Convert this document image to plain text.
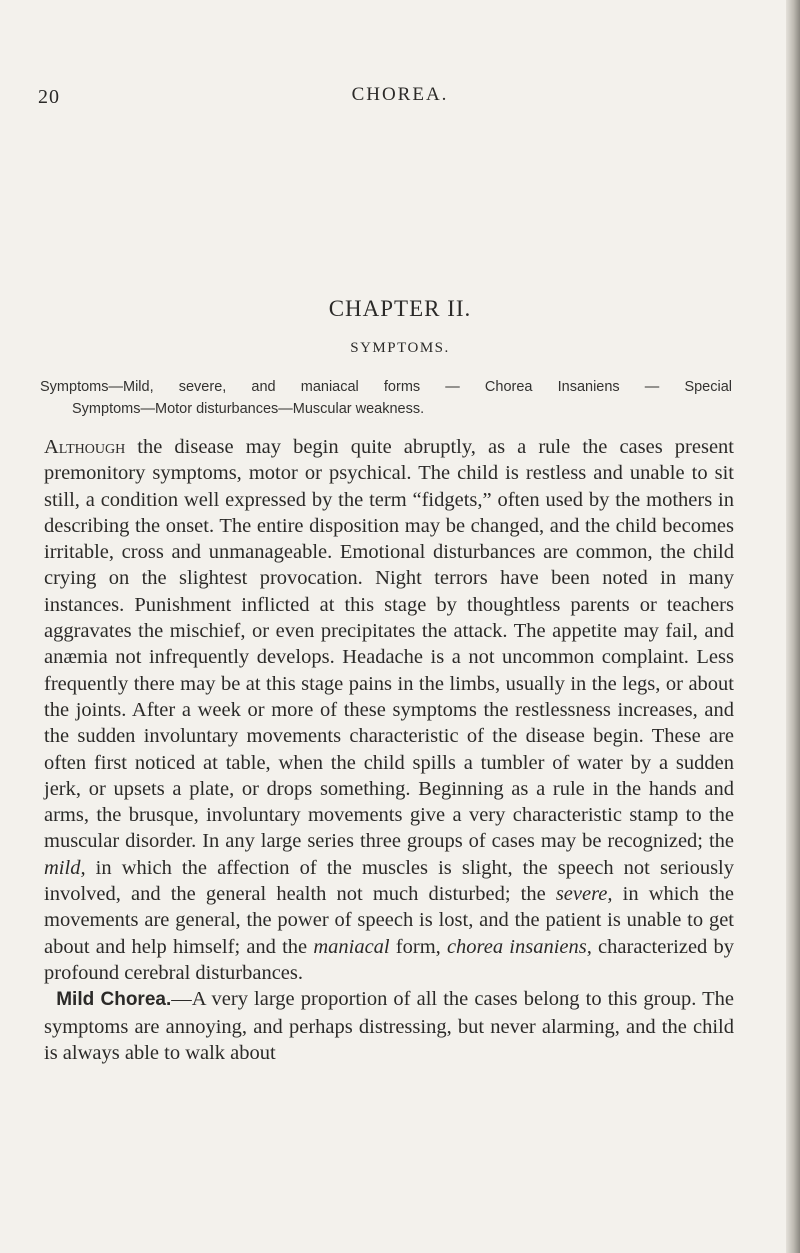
20	CHOREA.
CHAPTER II.
SYMPTOMS.
Symptoms—Mild, severe, and maniacal forms — Chorea Insaniens — Special
Symptoms—Motor disturbances—Muscular weakness.

Although the disease may begin quite abruptly, as a rule the cases present premonitory symptoms, motor or psychical. The child is restless and unable to sit still, a condition well expressed by the term “fidgets,” often used by the mothers in describing the onset. The entire disposition may be changed, and the child becomes irritable, cross and unmanageable. Emotional disturbances are common, the child crying on the slightest provocation. Night terrors have been noted in many instances. Punishment inflicted at this stage by thoughtless parents or teachers aggravates the mischief, or even precipitates the attack. The appetite may fail, and anæmia not infrequently develops. Headache is a not uncommon complaint. Less frequently there may be at this stage pains in the limbs, usually in the legs, or about the joints. After a week or more of these symptoms the restlessness increases, and the sudden involuntary movements characteristic of the disease begin. These are often first noticed at table, when the child spills a tumbler of water by a sudden jerk, or upsets a plate, or drops something. Beginning as a rule in the hands and arms, the brusque, involuntary movements give a very characteristic stamp to the muscular disorder. In any large series three groups of cases may be recognized; the mild, in which the affection of the muscles is slight, the speech not seriously involved, and the general health not much disturbed; the severe, in which the movements are general, the power of speech is lost, and the patient is unable to get about and help himself; and the maniacal form, chorea insaniens, characterized by profound cerebral disturbances.

Mild Chorea.—A very large proportion of all the cases belong to this group. The symptoms are annoying, and perhaps distressing, but never alarming, and the child is always able to walk about
